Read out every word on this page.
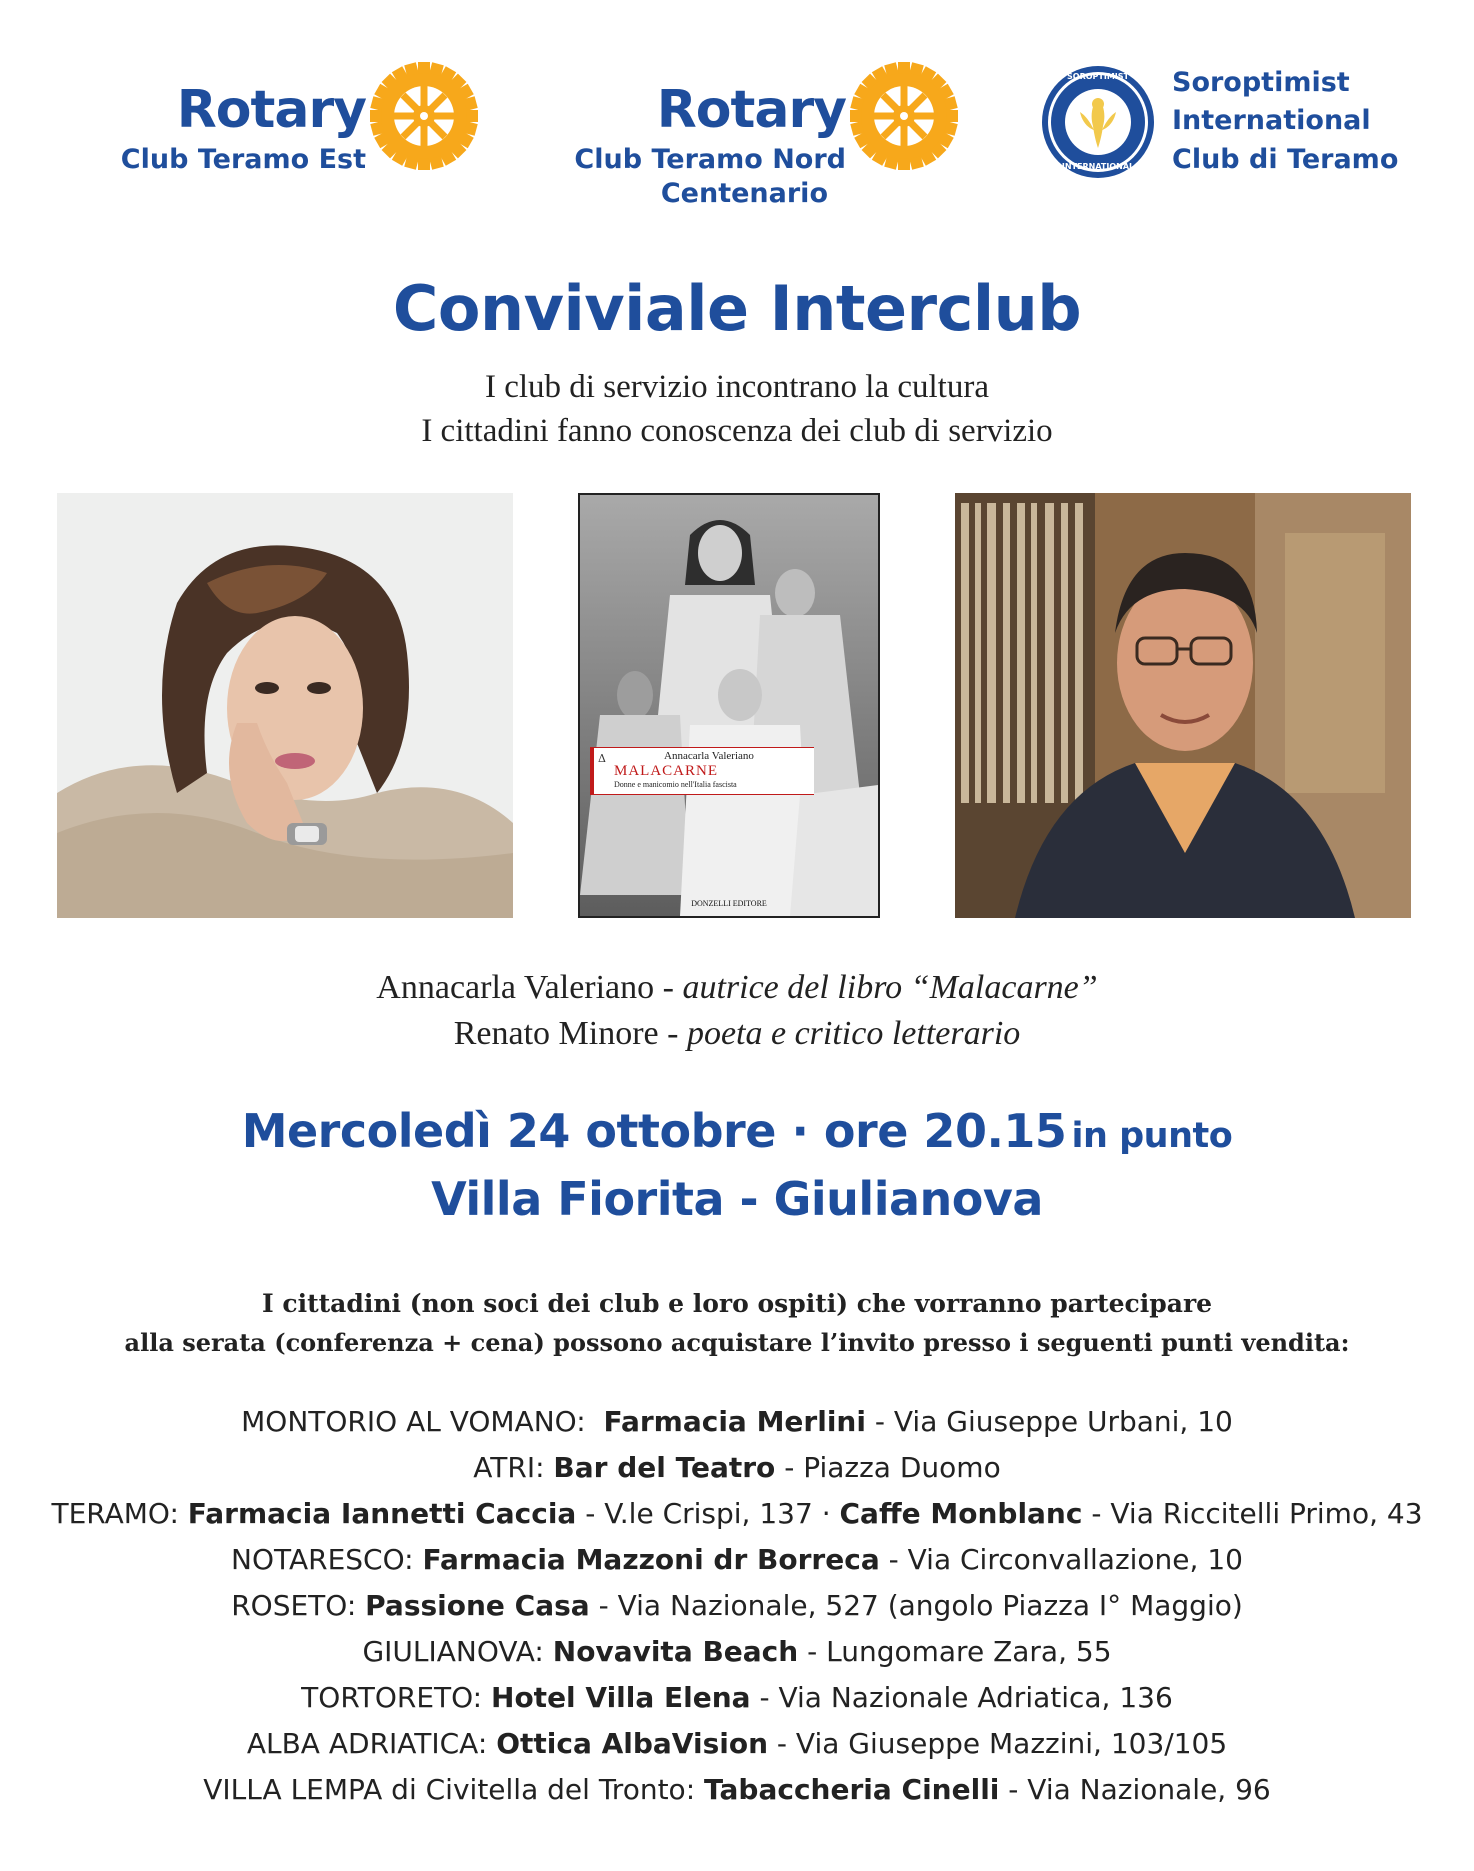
Rotary
Club Teramo Est
Rotary
Club Teramo Nord
Centenario
SOROPTIMIST
INTERNATIONAL
Soroptimist
International
Club di Teramo
Conviviale Interclub
I club di servizio incontrano la cultura
I cittadini fanno conoscenza dei club di servizio
Δ	Annacarla Valeriano
MALACARNE
Donne e manicomio nell'Italia fascista
DONZELLI EDITORE
Annacarla Valeriano - autrice del libro “Malacarne”
Renato Minore - poeta e critico letterario
Mercoledì 24 ottobre · ore 20.15 in punto
Villa Fiorita - Giulianova
I cittadini (non soci dei club e loro ospiti) che vorranno partecipare
alla serata (conferenza + cena) possono acquistare l’invito presso i seguenti punti vendita:
MONTORIO AL VOMANO:  Farmacia Merlini - Via Giuseppe Urbani, 10
ATRI: Bar del Teatro - Piazza Duomo
TERAMO: Farmacia Iannetti Caccia - V.le Crispi, 137 · Caffe Monblanc - Via Riccitelli Primo, 43
NOTARESCO: Farmacia Mazzoni dr Borreca - Via Circonvallazione, 10
ROSETO: Passione Casa - Via Nazionale, 527 (angolo Piazza I° Maggio)
GIULIANOVA: Novavita Beach - Lungomare Zara, 55
TORTORETO: Hotel Villa Elena - Via Nazionale Adriatica, 136
ALBA ADRIATICA: Ottica AlbaVision - Via Giuseppe Mazzini, 103/105
VILLA LEMPA di Civitella del Tronto: Tabaccheria Cinelli - Via Nazionale, 96
